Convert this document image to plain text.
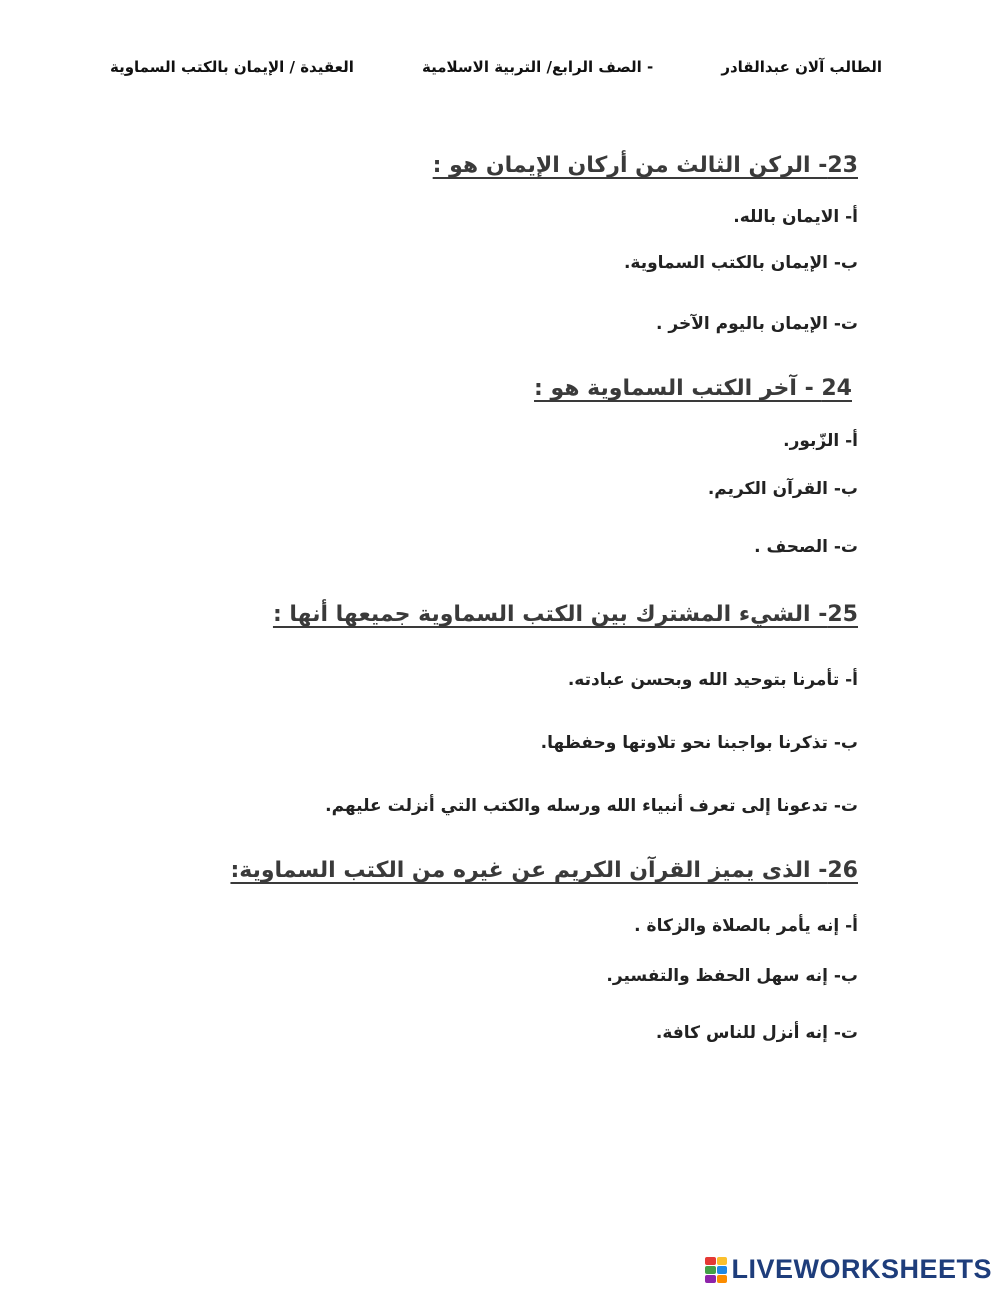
العقيدة / الإيمان بالكتب السماوية	- الصف الرابع/ التربية الاسلامية	الطالب آلان عبدالقادر
23- الركن الثالث من أركان الإيمان هو :
أ- الايمان بالله.
ب- الإيمان بالكتب السماوية.
ت- الإيمان باليوم الآخر .
24 - آخر الكتب السماوية هو :
أ- الزّبور.
ب- القرآن الكريم.
ت- الصحف .
25- الشيء المشترك بين الكتب السماوية جميعها أنها :
أ- تأمرنا بتوحيد الله وبحسن عبادته.
ب- تذكرنا بواجبنا نحو تلاوتها وحفظها.
ت- تدعونا إلى تعرف أنبياء الله ورسله والكتب التي أنزلت عليهم.
26- الذى يميز القرآن الكريم عن غيره من الكتب السماوية:
أ- إنه يأمر بالصلاة والزكاة .
ب- إنه سهل الحفظ والتفسير.
ت- إنه أنزل للناس كافة.
LIVEWORKSHEETS
